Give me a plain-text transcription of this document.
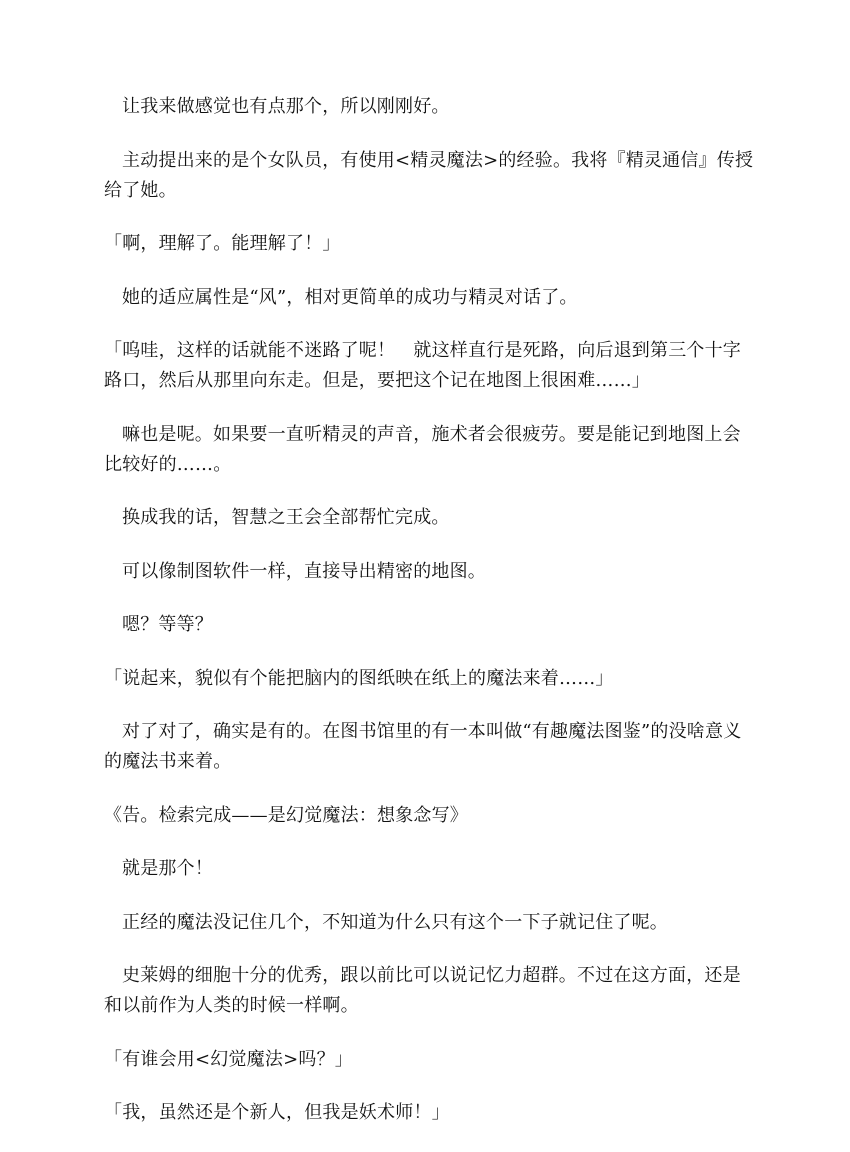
让我来做感觉也有点那个，所以刚刚好。

主动提出来的是个女队员，有使用<精灵魔法>的经验。我将『精灵通信』传授给了她。

「啊，理解了。能理解了！」

她的适应属性是“风”，相对更简单的成功与精灵对话了。

「呜哇，这样的话就能不迷路了呢！　就这样直行是死路，向后退到第三个十字路口，然后从那里向东走。但是，要把这个记在地图上很困难……」

嘛也是呢。如果要一直听精灵的声音，施术者会很疲劳。要是能记到地图上会比较好的……。

换成我的话，智慧之王会全部帮忙完成。

可以像制图软件一样，直接导出精密的地图。

嗯？等等？

「说起来，貌似有个能把脑内的图纸映在纸上的魔法来着……」

对了对了，确实是有的。在图书馆里的有一本叫做“有趣魔法图鉴”的没啥意义的魔法书来着。

《告。检索完成——是幻觉魔法：想象念写》

就是那个！

正经的魔法没记住几个，不知道为什么只有这个一下子就记住了呢。

史莱姆的细胞十分的优秀，跟以前比可以说记忆力超群。不过在这方面，还是和以前作为人类的时候一样啊。

「有谁会用<幻觉魔法>吗？」

「我，虽然还是个新人，但我是妖术师！」
